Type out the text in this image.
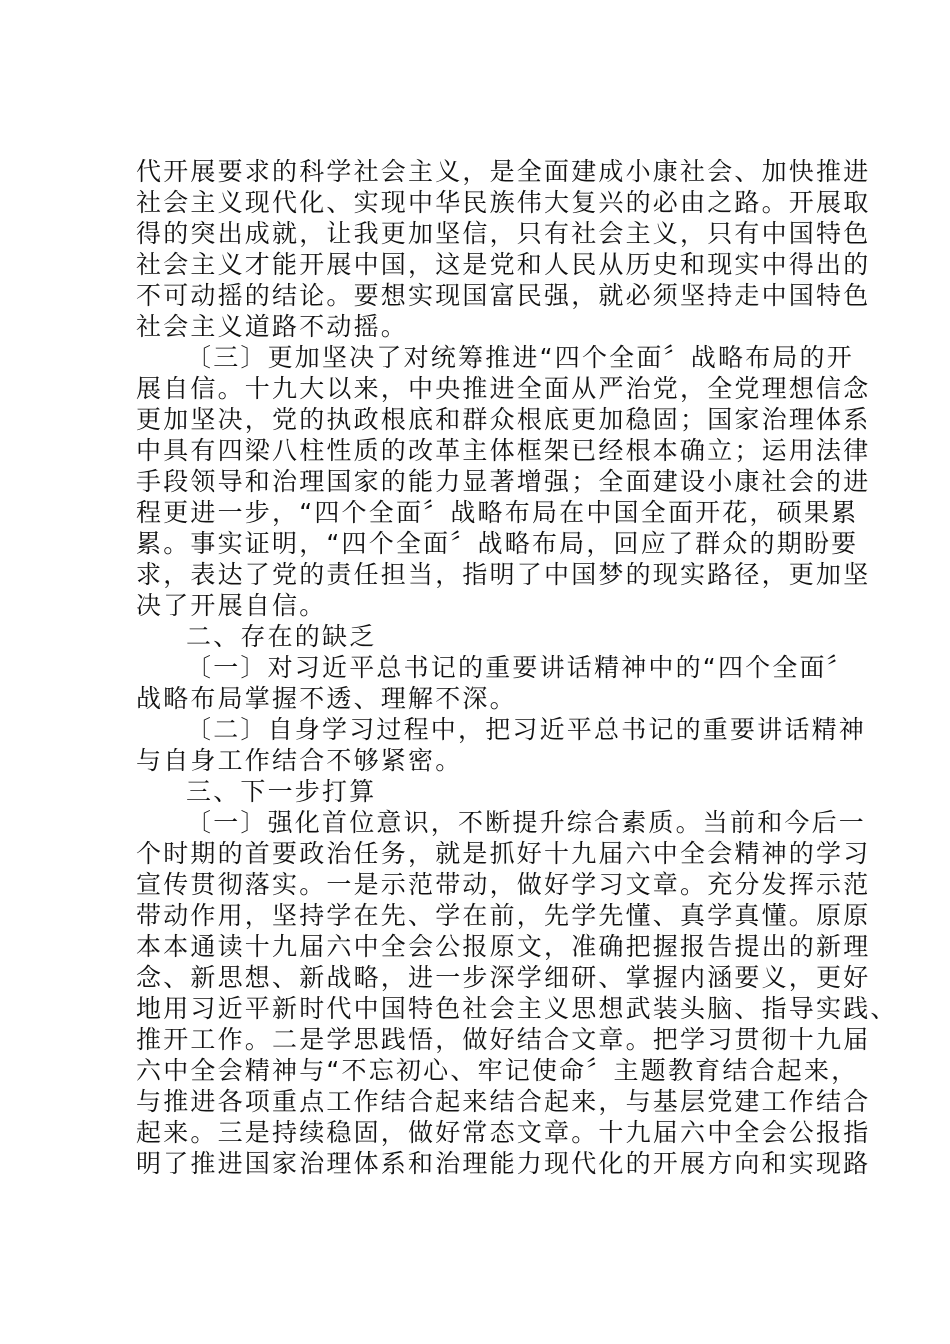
代开展要求的科学社会主义，是全面建成小康社会、加快推进
社会主义现代化、实现中华民族伟大复兴的必由之路。开展取
得的突出成就，让我更加坚信，只有社会主义，只有中国特色
社会主义才能开展中国，这是党和人民从历史和现实中得出的
不可动摇的结论。要想实现国富民强，就必须坚持走中国特色
社会主义道路不动摇。
〔三〕更加坚决了对统筹推进“四个全面〞战略布局的开
展自信。十九大以来，中央推进全面从严治党，全党理想信念
更加坚决，党的执政根底和群众根底更加稳固；国家治理体系
中具有四梁八柱性质的改革主体框架已经根本确立；运用法律
手段领导和治理国家的能力显著增强；全面建设小康社会的进
程更进一步，“四个全面〞战略布局在中国全面开花，硕果累
累。事实证明，“四个全面〞战略布局，回应了群众的期盼要
求，表达了党的责任担当，指明了中国梦的现实路径，更加坚
决了开展自信。
二、存在的缺乏
〔一〕对习近平总书记的重要讲话精神中的“四个全面〞
战略布局掌握不透、理解不深。
〔二〕自身学习过程中，把习近平总书记的重要讲话精神
与自身工作结合不够紧密。
三、下一步打算
〔一〕强化首位意识，不断提升综合素质。当前和今后一
个时期的首要政治任务，就是抓好十九届六中全会精神的学习
宣传贯彻落实。一是示范带动，做好学习文章。充分发挥示范
带动作用，坚持学在先、学在前，先学先懂、真学真懂。原原
本本通读十九届六中全会公报原文，准确把握报告提出的新理
念、新思想、新战略，进一步深学细研、掌握内涵要义，更好
地用习近平新时代中国特色社会主义思想武装头脑、指导实践、
推开工作。二是学思践悟，做好结合文章。把学习贯彻十九届
六中全会精神与“不忘初心、牢记使命〞主题教育结合起来，
与推进各项重点工作结合起来结合起来，与基层党建工作结合
起来。三是持续稳固，做好常态文章。十九届六中全会公报指
明了推进国家治理体系和治理能力现代化的开展方向和实现路
